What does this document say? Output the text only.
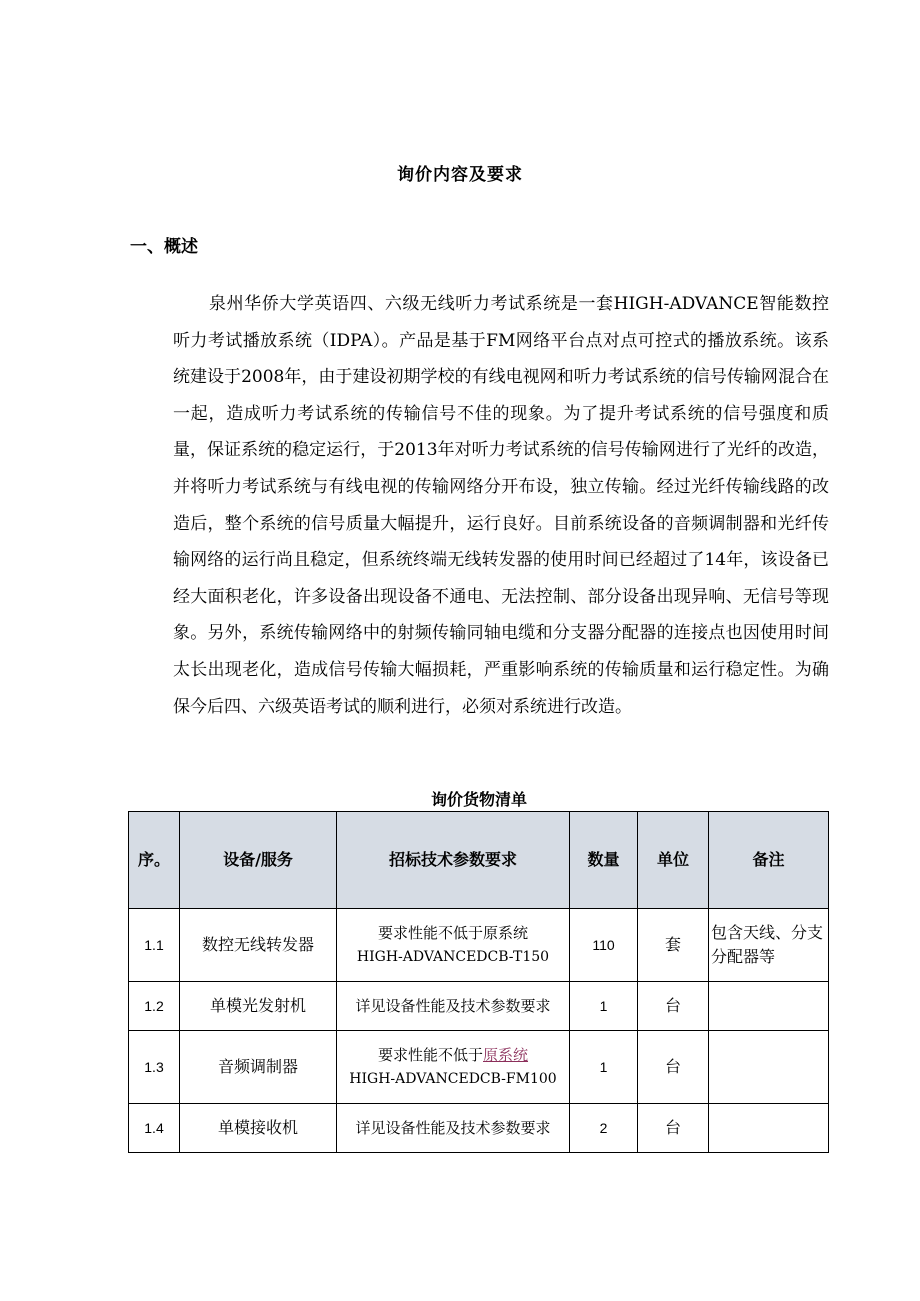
询价内容及要求
一、概述
泉州华侨大学英语四、六级无线听力考试系统是一套HIGH-ADVANCE智能数控听力考试播放系统（IDPA）。产品是基于FM网络平台点对点可控式的播放系统。该系统建设于2008年，由于建设初期学校的有线电视网和听力考试系统的信号传输网混合在一起，造成听力考试系统的传输信号不佳的现象。为了提升考试系统的信号强度和质量，保证系统的稳定运行，于2013年对听力考试系统的信号传输网进行了光纤的改造，并将听力考试系统与有线电视的传输网络分开布设，独立传输。经过光纤传输线路的改造后，整个系统的信号质量大幅提升，运行良好。目前系统设备的音频调制器和光纤传输网络的运行尚且稳定，但系统终端无线转发器的使用时间已经超过了14年，该设备已经大面积老化，许多设备出现设备不通电、无法控制、部分设备出现异响、无信号等现象。另外，系统传输网络中的射频传输同轴电缆和分支器分配器的连接点也因使用时间太长出现老化，造成信号传输大幅损耗，严重影响系统的传输质量和运行稳定性。为确保今后四、六级英语考试的顺利进行，必须对系统进行改造。
询价货物清单
序。	设备/服务	招标技术参数要求	数量	单位	备注
1.1	数控无线转发器	要求性能不低于原系统
HIGH-ADVANCEDCB-T150	110	套	包含天线、分支分配器等
1.2	单模光发射机	详见设备性能及技术参数要求	1	台	
1.3	音频调制器	要求性能不低于原系统
HIGH-ADVANCEDCB-FM100	1	台	
1.4	单模接收机	详见设备性能及技术参数要求	2	台	
